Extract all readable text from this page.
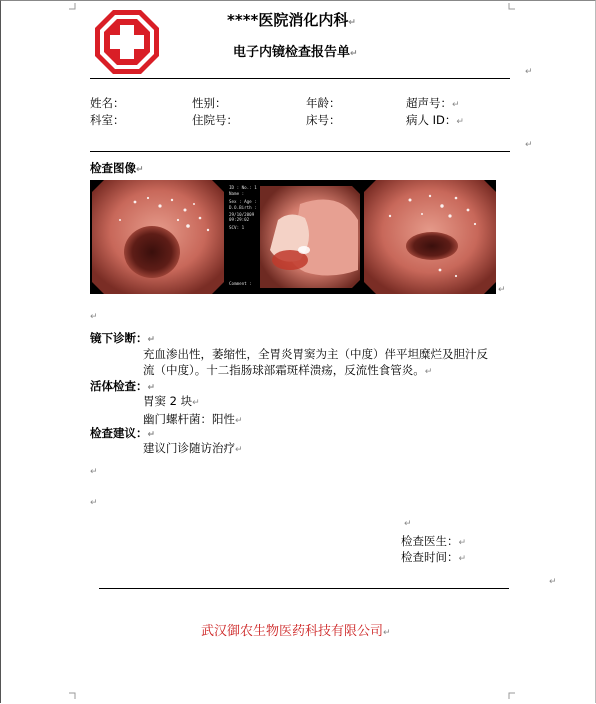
****医院消化内科↵
电子内镜检查报告单↵
↵
姓名：	性别：	年龄：	超声号：↵
科室：	住院号：	床号：	病人 ID：↵
↵
检查图像↵
ID : No.: 1
Name :
Sex : Age :
D.O.Birth :
29/10/2009
09:29:02
SCV: 1
Comment :
↵
↵
镜下诊断：↵
充血渗出性，萎缩性，全胃炎胃窦为主（中度）伴平坦糜烂及胆汁反
流（中度）。十二指肠球部霜斑样溃疡，反流性食管炎。↵
活体检查：↵
胃窦 2 块↵
幽门螺杆菌：阳性↵
检查建议：↵
建议门诊随访治疗↵
↵
↵
↵
检查医生：↵
检查时间：↵
↵
武汉御农生物医药科技有限公司↵
